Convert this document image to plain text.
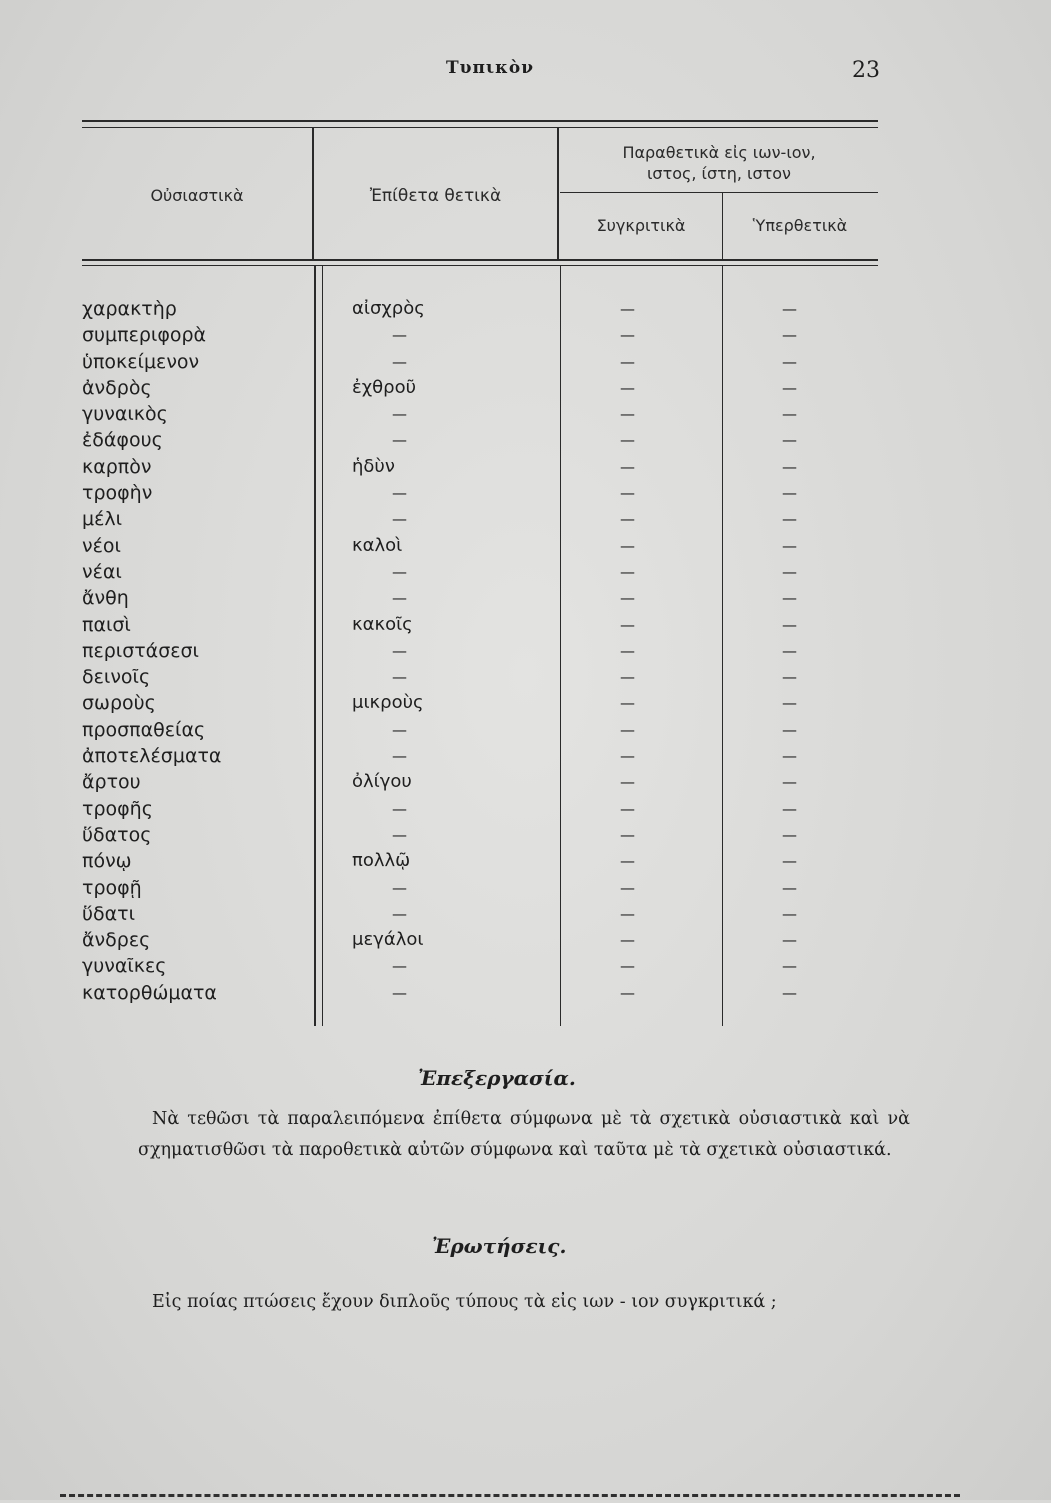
Τυπικὸν	23
Οὐσιαστικὰ	Ἐπίθετα θετικὰ
Παραθετικὰ εἰς ιων-ιον,
ιστος, ίστη, ιστον
Συγκριτικὰ	Ὑπερθετικὰ
χαρακτὴρ	αἰσχρὸς	—	—
συμπεριφορὰ	—	—	—
ὑποκείμενον	—	—	—
ἀνδρὸς	ἐχθροῦ	—	—
γυναικὸς	—	—	—
ἐδάφους	—	—	—
καρπὸν	ἡδὺν	—	—
τροφὴν	—	—	—
μέλι	—	—	—
νέοι	καλοὶ	—	—
νέαι	—	—	—
ἄνθη	—	—	—
παισὶ	κακοῖς	—	—
περιστάσεσι	—	—	—
δεινοῖς	—	—	—
σωροὺς	μικροὺς	—	—
προσπαθείας	—	—	—
ἀποτελέσματα	—	—	—
ἄρτου	ὀλίγου	—	—
τροφῆς	—	—	—
ὕδατος	—	—	—
πόνῳ	πολλῷ	—	—
τροφῇ	—	—	—
ὕδατι	—	—	—
ἄνδρες	μεγάλοι	—	—
γυναῖκες	—	—	—
κατορθώματα	—	—	—
Ἐπεξεργασία.
Νὰ τεθῶσι τὰ παραλειπόμενα ἐπίθετα σύμφωνα μὲ τὰ σχετικὰ οὐσιαστικὰ καὶ νὰ σχηματισθῶσι τὰ παροθετικὰ αὐτῶν σύμφωνα καὶ ταῦτα μὲ τὰ σχετικὰ οὐσιαστικά.
Ἐρωτήσεις.
Εἰς ποίας πτώσεις ἔχουν διπλοῦς τύπους τὰ εἰς ιων - ιον συγκριτικά ;
